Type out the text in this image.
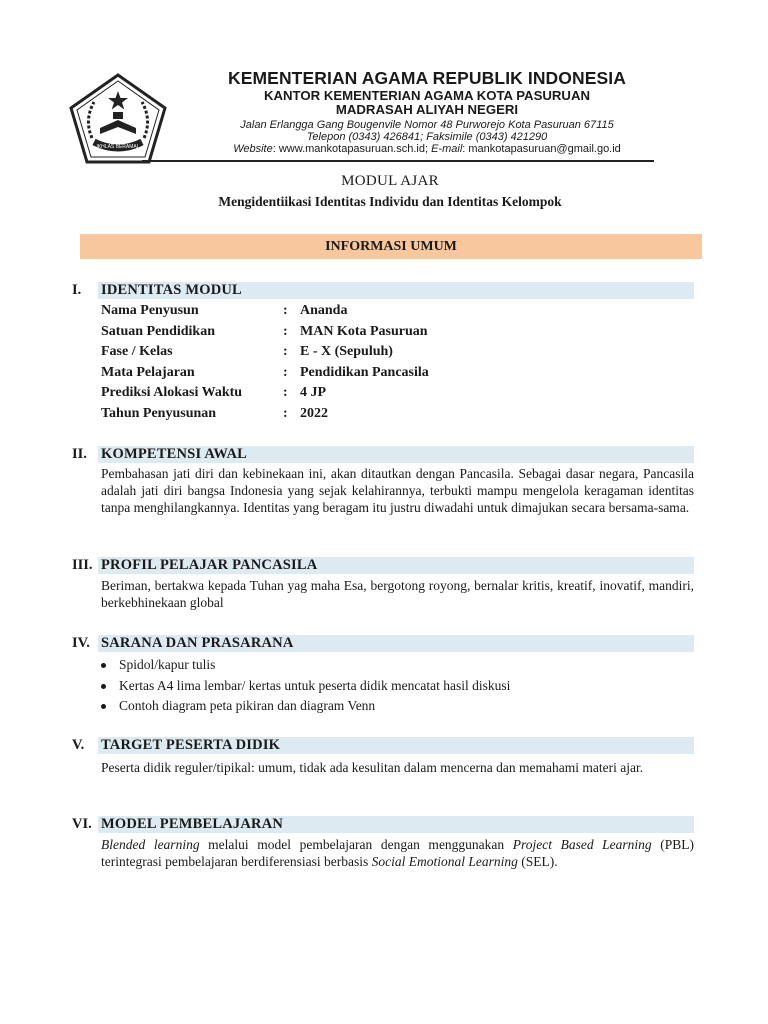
IKHLAS BERAMAL
KEMENTERIAN AGAMA REPUBLIK INDONESIA
KANTOR KEMENTERIAN AGAMA KOTA PASURUAN
MADRASAH ALIYAH NEGERI
Jalan Erlangga Gang Bougenvile Nomor 48 Purworejo Kota Pasuruan 67115
Telepon (0343) 426841; Faksimile (0343) 421290
Website: www.mankotapasuruan.sch.id; E-mail: mankotapasuruan@gmail.go.id
MODUL AJAR
Mengidentiikasi Identitas Individu dan Identitas Kelompok
INFORMASI UMUM
I. IDENTITAS MODUL
Nama Penyusun	: Ananda
Satuan Pendidikan	: MAN Kota Pasuruan
Fase / Kelas	: E - X (Sepuluh)
Mata Pelajaran	: Pendidikan Pancasila
Prediksi Alokasi Waktu	: 4 JP
Tahun Penyusunan	: 2022
II. KOMPETENSI AWAL
Pembahasan jati diri dan kebinekaan ini, akan ditautkan dengan Pancasila. Sebagai dasar negara, Pancasila adalah jati diri bangsa Indonesia yang sejak kelahirannya, terbukti mampu mengelola keragaman identitas tanpa menghilangkannya. Identitas yang beragam itu justru diwadahi untuk dimajukan secara bersama-sama.
III. PROFIL PELAJAR PANCASILA
Beriman, bertakwa kepada Tuhan yag maha Esa, bergotong royong, bernalar kritis, kreatif, inovatif, mandiri, berkebhinekaan global
IV. SARANA DAN PRASARANA
Spidol/kapur tulis
Kertas A4 lima lembar/ kertas untuk peserta didik mencatat hasil diskusi
Contoh diagram peta pikiran dan diagram Venn
V. TARGET PESERTA DIDIK
Peserta didik reguler/tipikal: umum, tidak ada kesulitan dalam mencerna dan memahami materi ajar.
VI. MODEL PEMBELAJARAN
Blended learning melalui model pembelajaran dengan menggunakan Project Based Learning (PBL) terintegrasi pembelajaran berdiferensiasi berbasis Social Emotional Learning (SEL).
